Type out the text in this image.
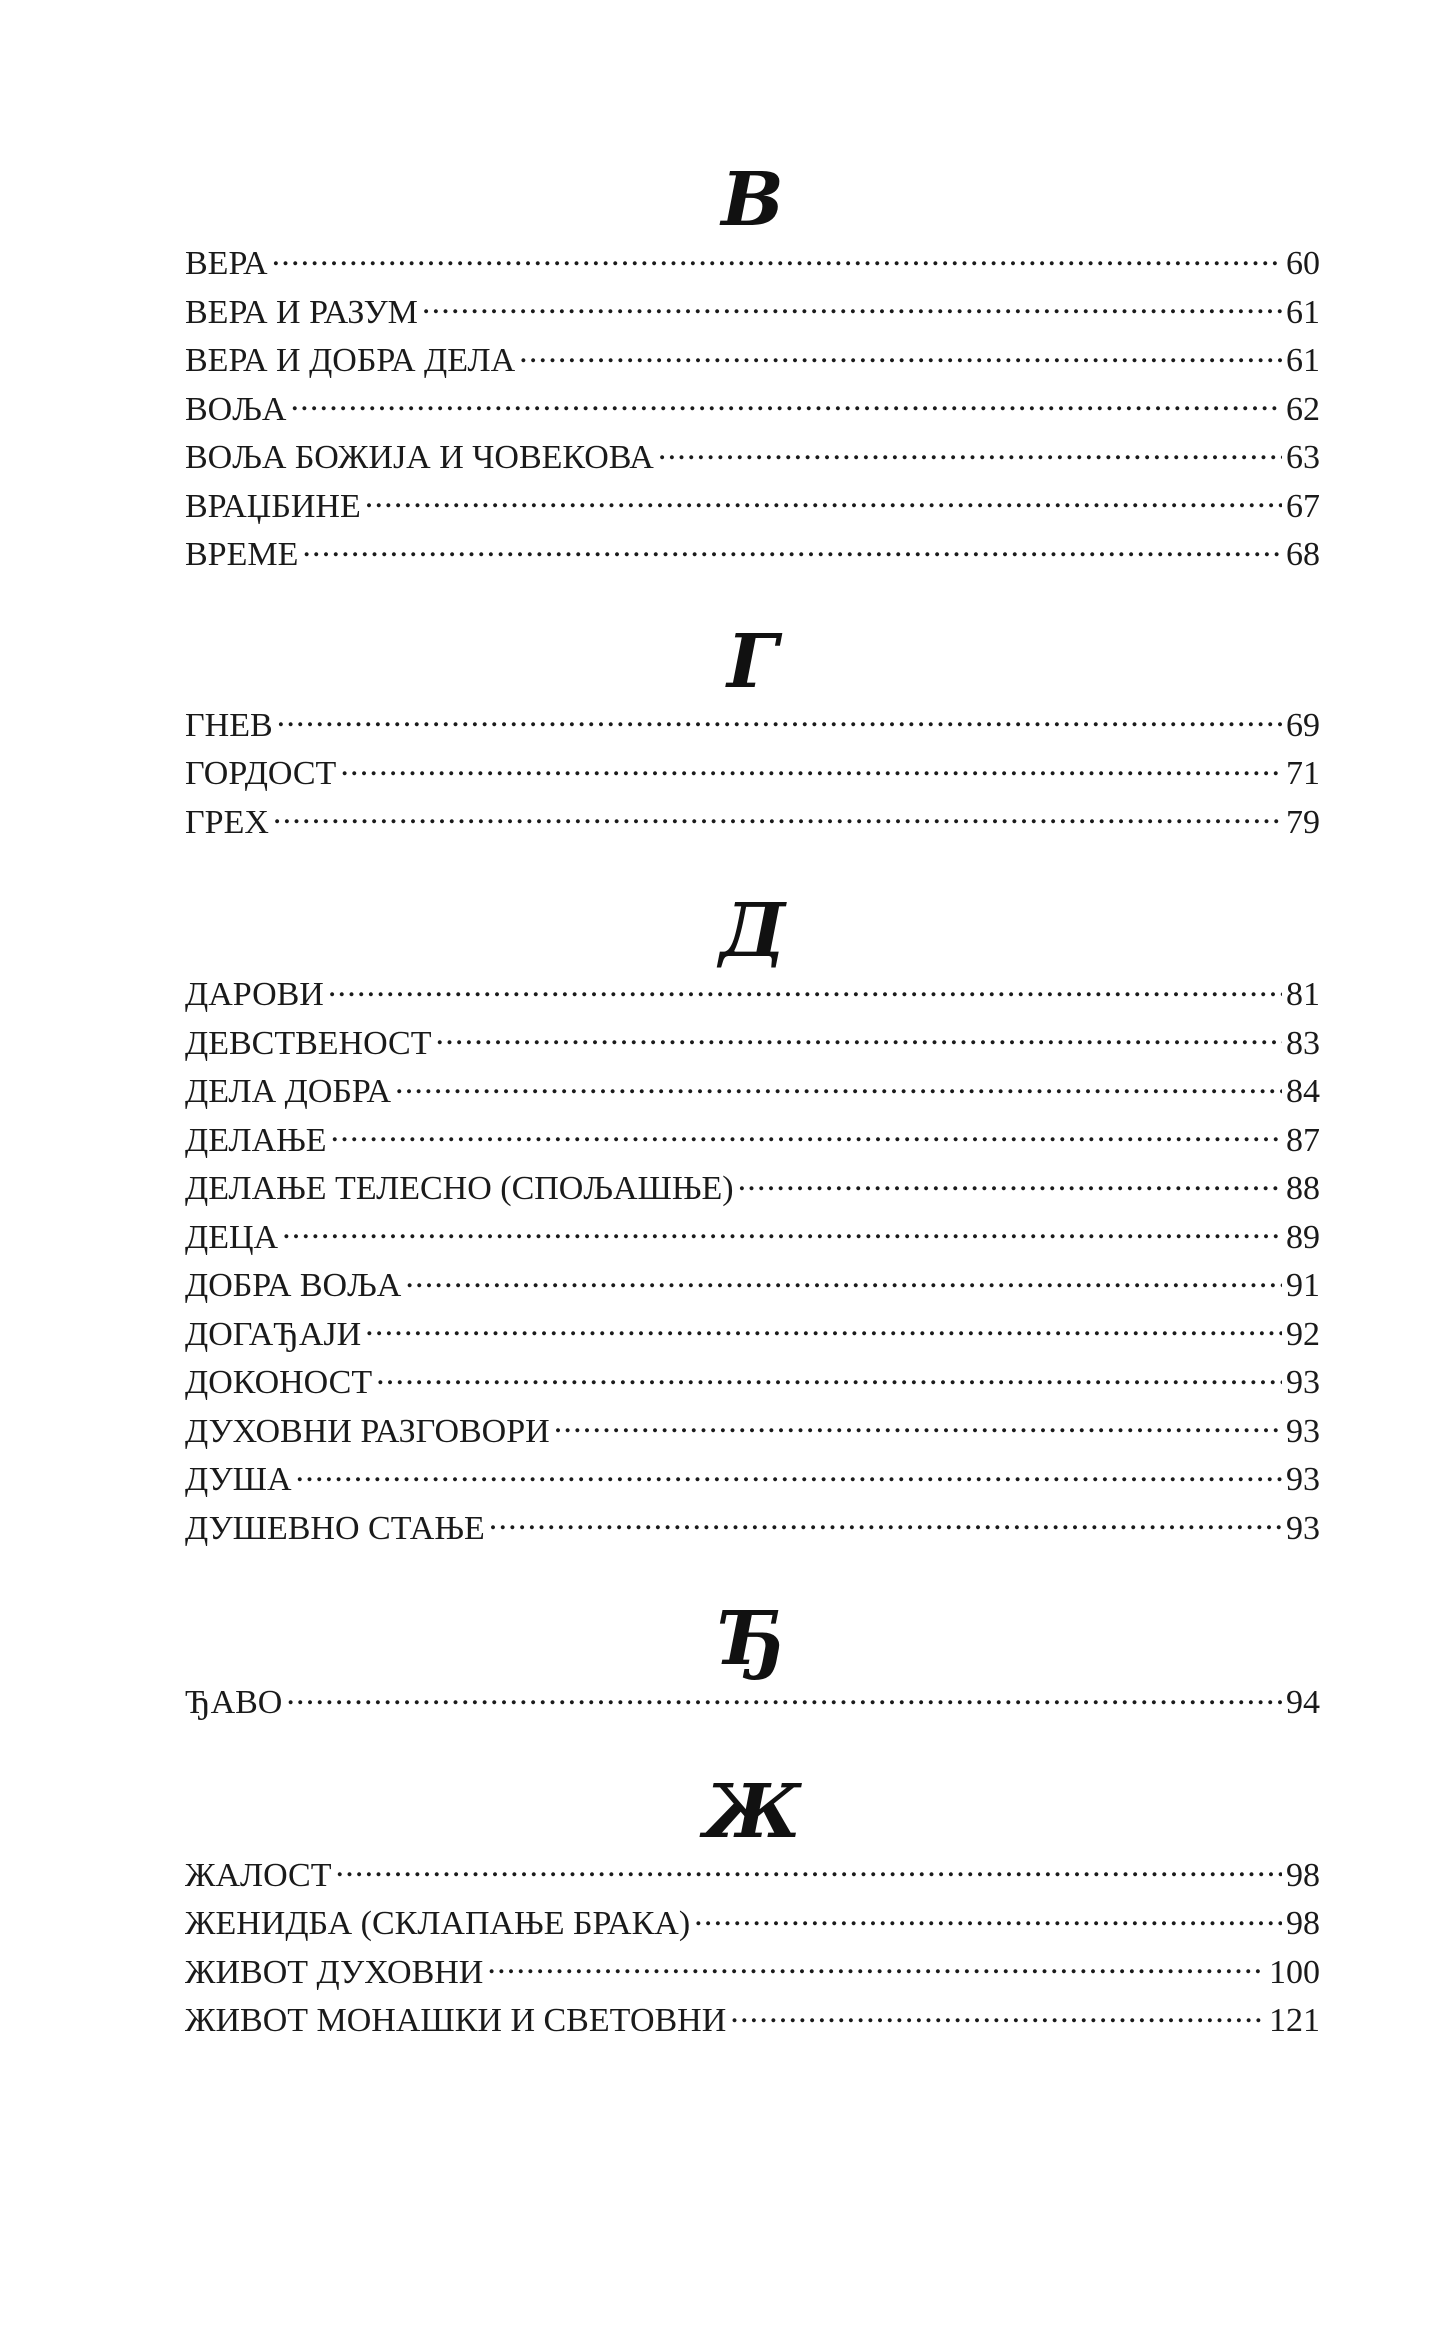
В
ВЕРА .....	60
ВЕРА И РАЗУМ .....	61
ВЕРА И ДОБРА ДЕЛА .....	61
ВОЉА .....	62
ВОЉА БОЖИЈА И ЧОВЕКОВА .....	63
ВРАЏБИНЕ .....	67
ВРЕМЕ .....	68
Г
ГНЕВ .....	69
ГОРДОСТ .....	71
ГРЕХ .....	79
Д
ДАРОВИ .....	81
ДЕВСТВЕНОСТ .....	83
ДЕЛА ДОБРА .....	84
ДЕЛАЊЕ .....	87
ДЕЛАЊЕ ТЕЛЕСНО (СПОЉАШЊЕ) .....	88
ДЕЦА .....	89
ДОБРА ВОЉА .....	91
ДОГАЂАЈИ .....	92
ДОКОНОСТ .....	93
ДУХОВНИ РАЗГОВОРИ .....	93
ДУША .....	93
ДУШЕВНО СТАЊЕ .....	93
Ђ
ЂАВО .....	94
Ж
ЖАЛОСТ .....	98
ЖЕНИДБА (СКЛАПАЊЕ БРАКА) .....	98
ЖИВОТ ДУХОВНИ .....	100
ЖИВОТ МОНАШКИ И СВЕТОВНИ .....	121
